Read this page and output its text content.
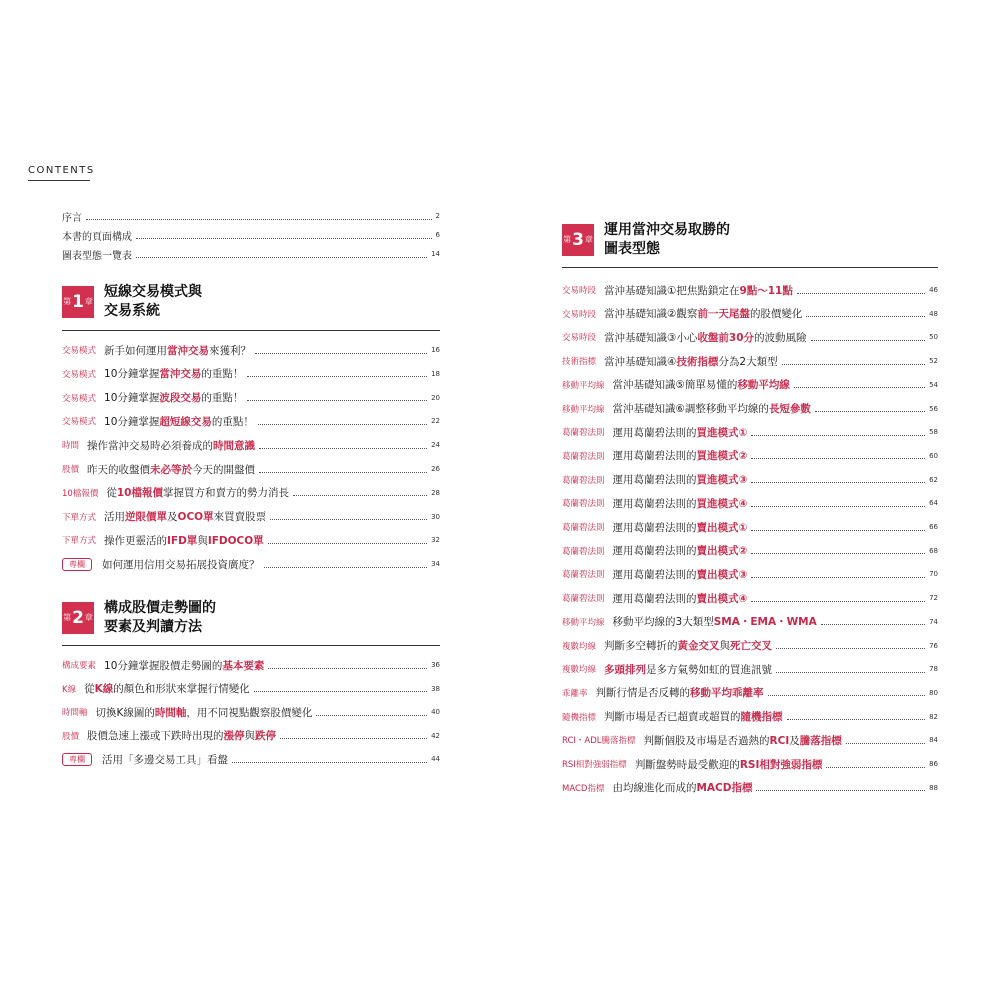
CONTENTS
序言	2
本書的頁面構成	6
圖表型態一覽表	14
第 1 章
短線交易模式與
交易系統
交易模式 新手如何運用當沖交易來獲利？	16
交易模式 10分鐘掌握當沖交易的重點！	18
交易模式 10分鐘掌握波段交易的重點！	20
交易模式 10分鐘掌握超短線交易的重點！	22
時間 操作當沖交易時必須養成的時間意識	24
股價 昨天的收盤價未必等於今天的開盤價	26
10檔報價 從10檔報價掌握買方和賣方的勢力消長	28
下單方式 活用逆限價單及OCO單來買賣股票	30
下單方式 操作更靈活的IFD單與IFDOCO單	32
專欄	如何運用信用交易拓展投資廣度？	34
第 2 章
構成股價走勢圖的
要素及判讀方法
構成要素 10分鐘掌握股價走勢圖的基本要素	36
K線 從K線的顏色和形狀來掌握行情變化	38
時間軸 切換K線圖的時間軸，用不同視點觀察股價變化	40
股價 股價急速上漲或下跌時出現的漲停與跌停	42
專欄	活用「多邊交易工具」看盤	44
第 3 章
運用當沖交易取勝的
圖表型態
交易時段 當沖基礎知識①把焦點鎖定在9點～11點	46
交易時段 當沖基礎知識②觀察前一天尾盤的股價變化	48
交易時段 當沖基礎知識③小心收盤前30分的波動風險	50
技術指標 當沖基礎知識④技術指標分為2大類型	52
移動平均線 當沖基礎知識⑤簡單易懂的移動平均線	54
移動平均線 當沖基礎知識⑥調整移動平均線的長短參數	56
葛蘭碧法則 運用葛蘭碧法則的買進模式①	58
葛蘭碧法則 運用葛蘭碧法則的買進模式②	60
葛蘭碧法則 運用葛蘭碧法則的買進模式③	62
葛蘭碧法則 運用葛蘭碧法則的買進模式④	64
葛蘭碧法則 運用葛蘭碧法則的賣出模式①	66
葛蘭碧法則 運用葛蘭碧法則的賣出模式②	68
葛蘭碧法則 運用葛蘭碧法則的賣出模式③	70
葛蘭碧法則 運用葛蘭碧法則的賣出模式④	72
移動平均線 移動平均線的3大類型SMA・EMA・WMA	74
複數均線 判斷多空轉折的黃金交叉與死亡交叉	76
複數均線 多頭排列是多方氣勢如虹的買進訊號	78
乖離率 判斷行情是否反轉的移動平均乖離率	80
隨機指標 判斷市場是否已超賣或超買的隨機指標	82
RCI・ADL騰落指標 判斷個股及市場是否過熱的RCI及騰落指標	84
RSI相對強弱指標 判斷盤勢時最受歡迎的RSI相對強弱指標	86
MACD指標 由均線進化而成的MACD指標	88
